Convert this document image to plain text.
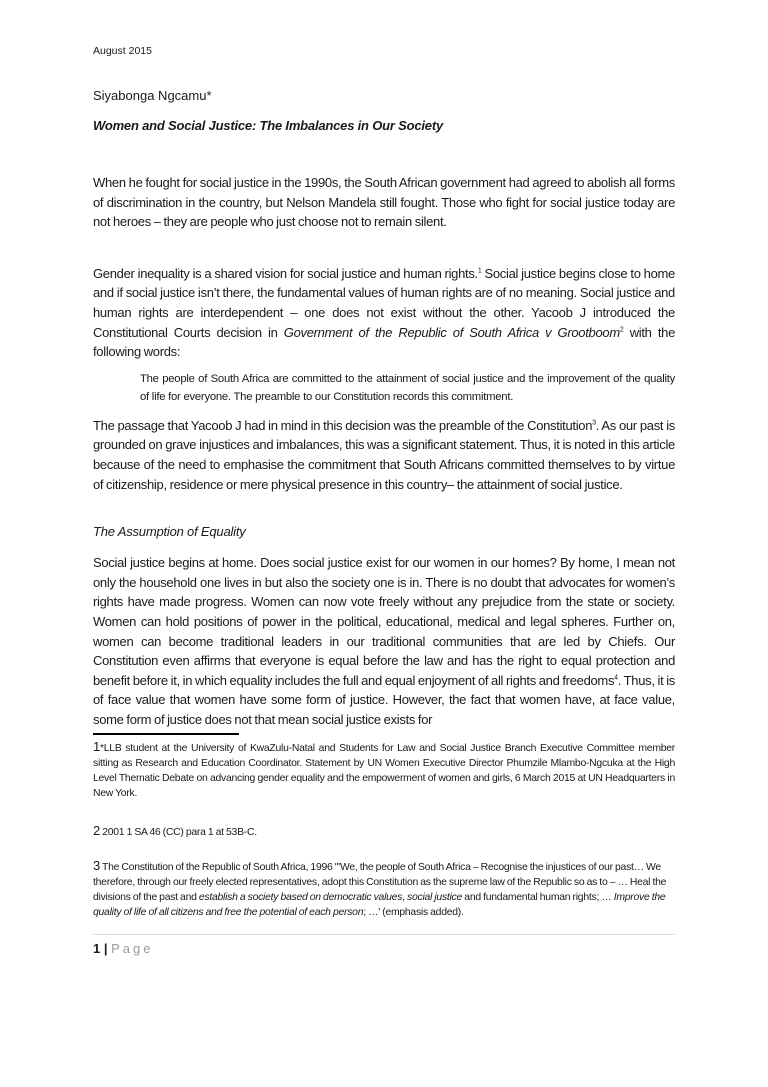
August 2015
Siyabonga Ngcamu*
Women and Social Justice: The Imbalances in Our Society
When he fought for social justice in the 1990s, the South African government had agreed to abolish all forms of discrimination in the country, but Nelson Mandela still fought. Those who fight for social justice today are not heroes – they are people who just choose not to remain silent.
Gender inequality is a shared vision for social justice and human rights.$^1$ Social justice begins close to home and if social justice isn’t there, the fundamental values of human rights are of no meaning. Social justice and human rights are interdependent – one does not exist without the other. Yacoob J introduced the Constitutional Courts decision in Government of the Republic of South Africa v Grootboom$^2$ with the following words:
The people of South Africa are committed to the attainment of social justice and the improvement of the quality of life for everyone. The preamble to our Constitution records this commitment.
The passage that Yacoob J had in mind in this decision was the preamble of the Constitution$^3$. As our past is grounded on grave injustices and imbalances, this was a significant statement. Thus, it is noted in this article because of the need to emphasise the commitment that South Africans committed themselves to by virtue of citizenship, residence or mere physical presence in this country– the attainment of social justice.
The Assumption of Equality
Social justice begins at home. Does social justice exist for our women in our homes? By home, I mean not only the household one lives in but also the society one is in. There is no doubt that advocates for women’s rights have made progress. Women can now vote freely without any prejudice from the state or society. Women can hold positions of power in the political, educational, medical and legal spheres. Further on, women can become traditional leaders in our traditional communities that are led by Chiefs. Our Constitution even affirms that everyone is equal before the law and has the right to equal protection and benefit before it, in which equality includes the full and equal enjoyment of all rights and freedoms$^4$. Thus, it is of face value that women have some form of justice. However, the fact that women have, at face value, some form of justice does not that mean social justice exists for
1*LLB student at the University of KwaZulu-Natal and Students for Law and Social Justice Branch Executive Committee member sitting as Research and Education Coordinator. Statement by UN Women Executive Director Phumzile Mlambo-Ngcuka at the High Level Thematic Debate on advancing gender equality and the empowerment of women and girls, 6 March 2015 at UN Headquarters in New York.
2 2001 1 SA 46 (CC) para 1 at 53B-C.
3 The Constitution of the Republic of South Africa, 1996 "'We, the people of South Africa – Recognise the injustices of our past… We therefore, through our freely elected representatives, adopt this Constitution as the supreme law of the Republic so as to – … Heal the divisions of the past and establish a society based on democratic values, social justice and fundamental human rights; … Improve the quality of life of all citizens and free the potential of each person; …' (emphasis added).
1 | Page
